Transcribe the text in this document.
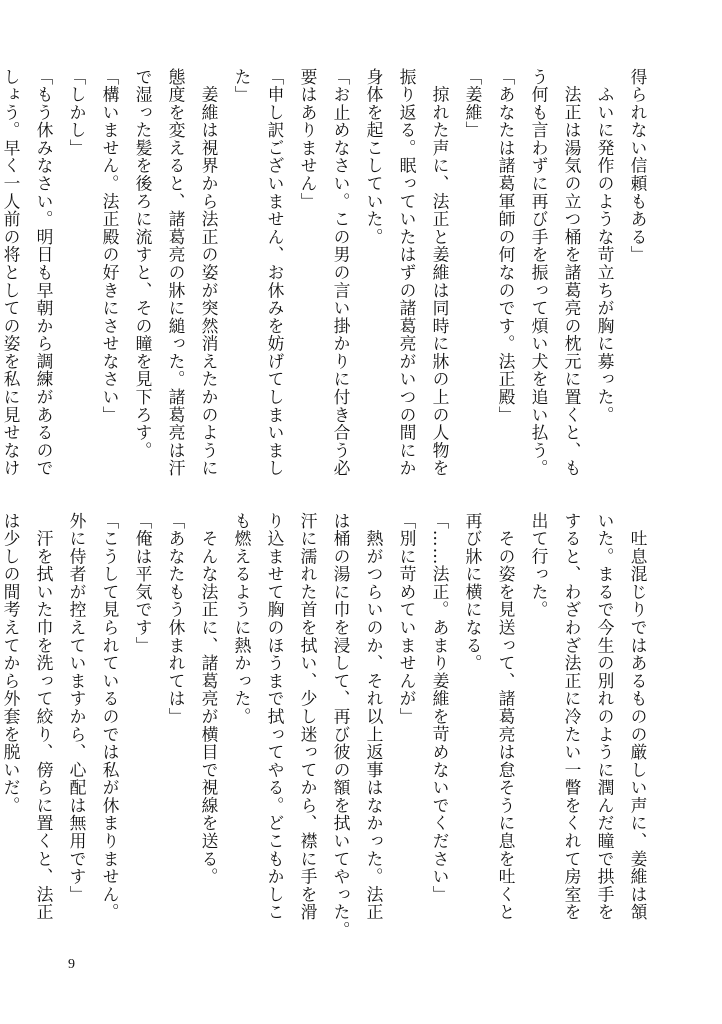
得られない信頼もある」
　ふいに発作のような苛立ちが胸に募った。
　法正は湯気の立つ桶を諸葛亮の枕元に置くと、も
う何も言わずに再び手を振って煩い犬を追い払う。
「あなたは諸葛軍師の何なのです。法正殿」
「姜維」
　掠れた声に、法正と姜維は同時に牀の上の人物を
振り返る。眠っていたはずの諸葛亮がいつの間にか
身体を起こしていた。
「お止めなさい。この男の言い掛かりに付き合う必
要はありません」
「申し訳ございません、お休みを妨げてしまいまし
た」
　姜維は視界から法正の姿が突然消えたかのように
態度を変えると、諸葛亮の牀に縋った。諸葛亮は汗
で湿った髪を後ろに流すと、その瞳を見下ろす。
「構いません。法正殿の好きにさせなさい」
「しかし」
「もう休みなさい。明日も早朝から調練があるので
しょう。早く一人前の将としての姿を私に見せなけ
　吐息混じりではあるものの厳しい声に、姜維は頷
いた。まるで今生の別れのように潤んだ瞳で拱手を
すると、わざわざ法正に冷たい一瞥をくれて房室を
出て行った。
　その姿を見送って、諸葛亮は怠そうに息を吐くと
再び牀に横になる。
「……法正。あまり姜維を苛めないでください」
「別に苛めていませんが」
　熱がつらいのか、それ以上返事はなかった。法正
は桶の湯に巾を浸して、再び彼の額を拭いてやった。
汗に濡れた首を拭い、少し迷ってから、襟に手を滑
り込ませて胸のほうまで拭ってやる。どこもかしこ
も燃えるように熱かった。
　そんな法正に、諸葛亮が横目で視線を送る。
「あなたもう休まれては」
「俺は平気です」
「こうして見られているのでは私が休まりません。
外に侍者が控えていますから、心配は無用です」
　汗を拭いた巾を洗って絞り、傍らに置くと、法正
は少しの間考えてから外套を脱いだ。
9
